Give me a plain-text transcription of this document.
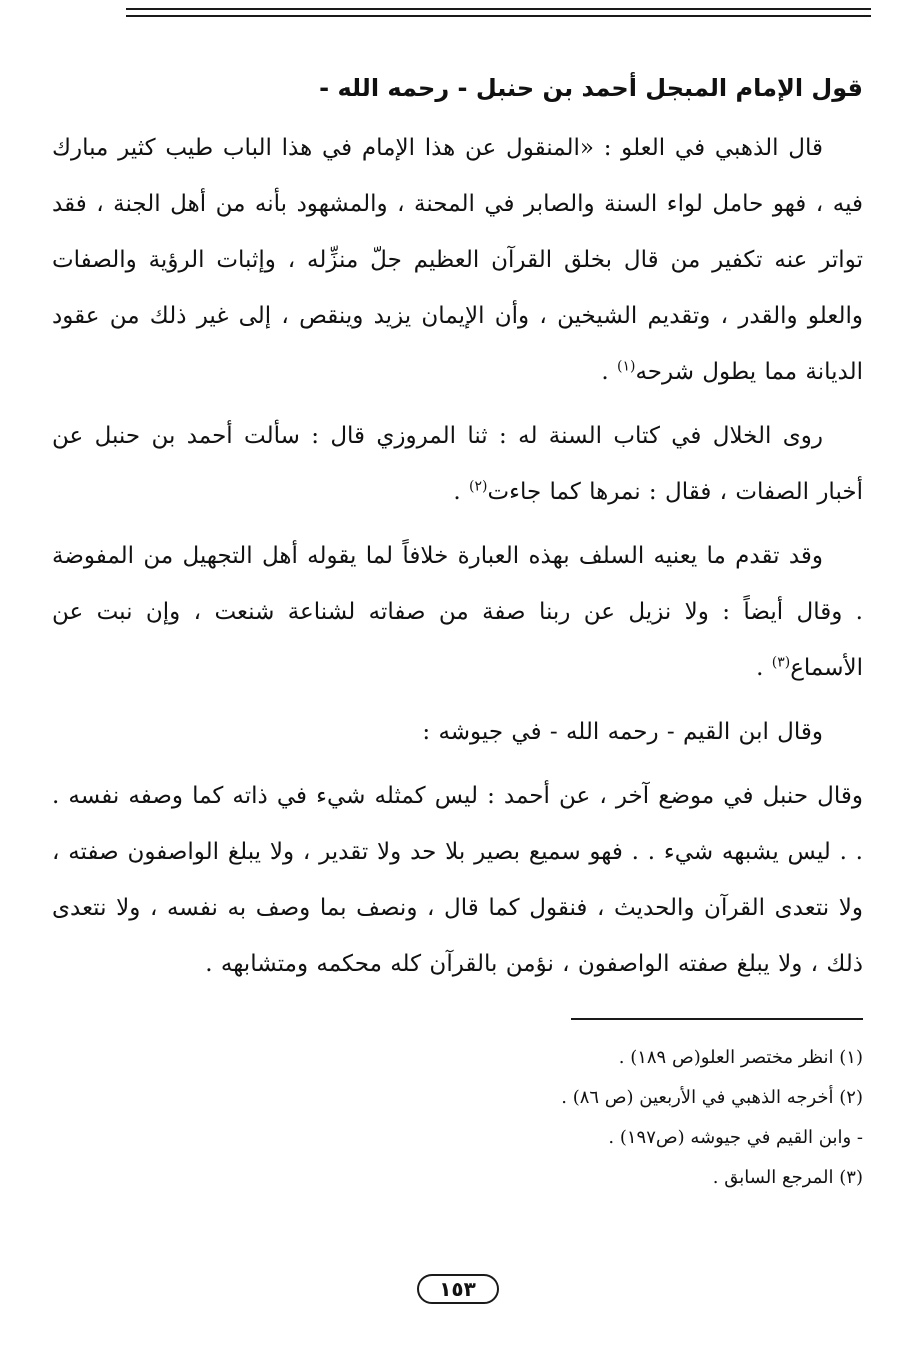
قول الإمام المبجل أحمد بن حنبل - رحمه الله -

قال الذهبي في العلو : «المنقول عن هذا الإمام في هذا الباب طيب كثير مبارك فيه ، فهو حامل لواء السنة والصابر في المحنة ، والمشهود بأنه من أهل الجنة ، فقد تواتر عنه تكفير من قال بخلق القرآن العظيم جلّ منزِّله ، وإثبات الرؤية والصفات والعلو والقدر ، وتقديم الشيخين ، وأن الإيمان يزيد وينقص ، إلى غير ذلك من عقود الديانة مما يطول شرحه$^{(١)}$ .

روى الخلال في كتاب السنة له : ثنا المروزي قال : سألت أحمد بن حنبل عن أخبار الصفات ، فقال : نمرها كما جاءت$^{(٢)}$ .

وقد تقدم ما يعنيه السلف بهذه العبارة خلافاً لما يقوله أهل التجهيل من المفوضة . وقال أيضاً : ولا نزيل عن ربنا صفة من صفاته لشناعة شنعت ، وإن نبت عن الأسماع$^{(٣)}$ .

وقال ابن القيم - رحمه الله - في جيوشه :

وقال حنبل في موضع آخر ، عن أحمد : ليس كمثله شيء في ذاته كما وصفه نفسه . . . ليس يشبهه شيء . . فهو سميع بصير بلا حد ولا تقدير ، ولا يبلغ الواصفون صفته ، ولا نتعدى القرآن والحديث ، فنقول كما قال ، ونصف بما وصف به نفسه ، ولا نتعدى ذلك ، ولا يبلغ صفته الواصفون ، نؤمن بالقرآن كله محكمه ومتشابهه .

(١) انظر مختصر العلو(ص ١٨٩) .

(٢) أخرجه الذهبي في الأربعين (ص ٨٦) .

- وابن القيم في جيوشه (ص١٩٧) .

(٣) المرجع السابق .

١٥٣
